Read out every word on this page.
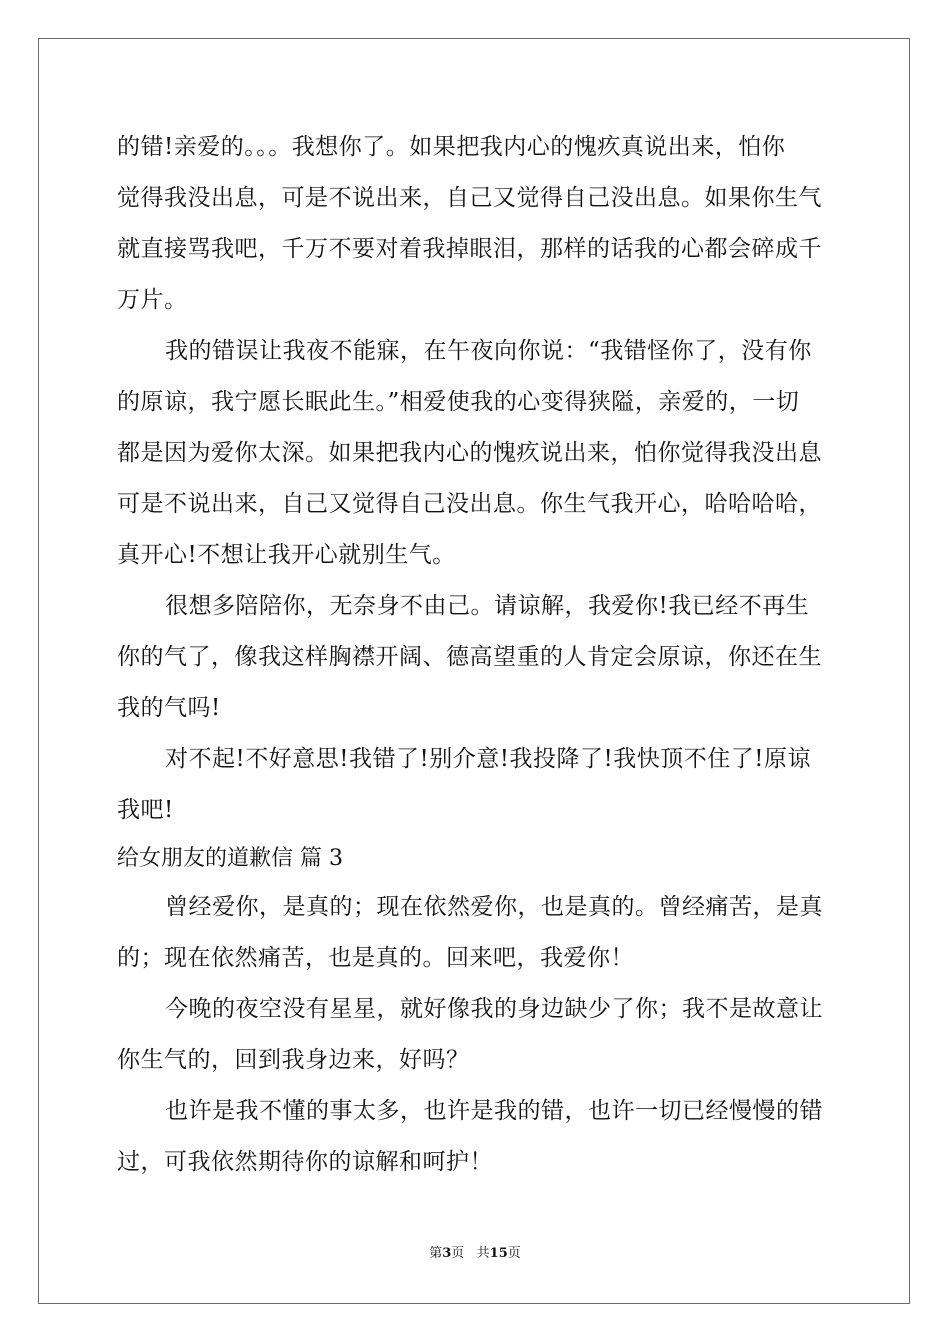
的错!亲爱的。。。我想你了。如果把我内心的愧疚真说出来，怕你
觉得我没出息，可是不说出来，自己又觉得自己没出息。如果你生气
就直接骂我吧，千万不要对着我掉眼泪，那样的话我的心都会碎成千
万片。
我的错误让我夜不能寐，在午夜向你说：“我错怪你了，没有你
的原谅，我宁愿长眠此生。”相爱使我的心变得狭隘，亲爱的，一切
都是因为爱你太深。如果把我内心的愧疚说出来，怕你觉得我没出息
可是不说出来，自己又觉得自己没出息。你生气我开心，哈哈哈哈，
真开心!不想让我开心就别生气。
很想多陪陪你，无奈身不由己。请谅解，我爱你!我已经不再生
你的气了，像我这样胸襟开阔、德高望重的人肯定会原谅，你还在生
我的气吗!
对不起!不好意思!我错了!别介意!我投降了!我快顶不住了!原谅
我吧!
给女朋友的道歉信 篇 3
曾经爱你，是真的；现在依然爱你，也是真的。曾经痛苦，是真
的；现在依然痛苦，也是真的。回来吧，我爱你！
今晚的夜空没有星星，就好像我的身边缺少了你；我不是故意让
你生气的，回到我身边来，好吗？
也许是我不懂的事太多，也许是我的错，也许一切已经慢慢的错
过，可我依然期待你的谅解和呵护！
第3页   共15页
